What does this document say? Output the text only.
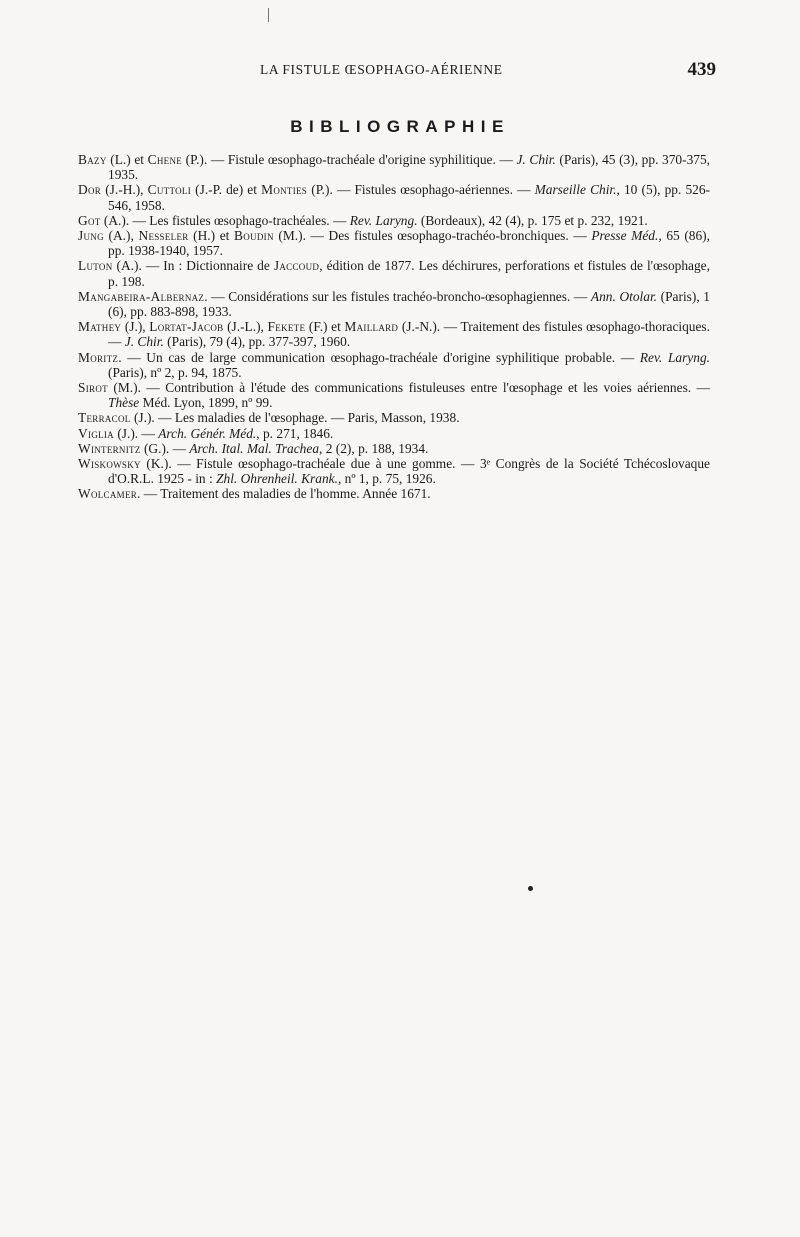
LA FISTULE ŒSOPHAGO-AÉRIENNE	439
BIBLIOGRAPHIE

Bazy (L.) et Chene (P.). — Fistule œsophago-trachéale d'origine syphilitique. — J. Chir. (Paris), 45 (3), pp. 370-375, 1935.

Dor (J.-H.), Cuttoli (J.-P. de) et Monties (P.). — Fistules œsophago-aériennes. — Marseille Chir., 10 (5), pp. 526-546, 1958.

Got (A.). — Les fistules œsophago-trachéales. — Rev. Laryng. (Bordeaux), 42 (4), p. 175 et p. 232, 1921.

Jung (A.), Nesseler (H.) et Boudin (M.). — Des fistules œsophago-trachéo-bronchiques. — Presse Méd., 65 (86), pp. 1938-1940, 1957.

Luton (A.). — In : Dictionnaire de Jaccoud, édition de 1877. Les déchirures, perforations et fistules de l'œsophage, p. 198.

Mangabeira-Albernaz. — Considérations sur les fistules trachéo-broncho-œsophagiennes. — Ann. Otolar. (Paris), 1 (6), pp. 883-898, 1933.

Mathey (J.), Lortat-Jacob (J.-L.), Fekete (F.) et Maillard (J.-N.). — Traitement des fistules œsophago-thoraciques. — J. Chir. (Paris), 79 (4), pp. 377-397, 1960.

Moritz. — Un cas de large communication œsophago-trachéale d'origine syphilitique probable. — Rev. Laryng. (Paris), nº 2, p. 94, 1875.

Sirot (M.). — Contribution à l'étude des communications fistuleuses entre l'œsophage et les voies aériennes. — Thèse Méd. Lyon, 1899, nº 99.

Terracol (J.). — Les maladies de l'œsophage. — Paris, Masson, 1938.

Viglia (J.). — Arch. Génér. Méd., p. 271, 1846.

Winternitz (G.). — Arch. Ital. Mal. Trachea, 2 (2), p. 188, 1934.

Wiskowsky (K.). — Fistule œsophago-trachéale due à une gomme. — 3ᵉ Congrès de la Société Tchécoslovaque d'O.R.L. 1925 - in : Zhl. Ohrenheil. Krank., nº 1, p. 75, 1926.

Wolcamer. — Traitement des maladies de l'homme. Année 1671.
